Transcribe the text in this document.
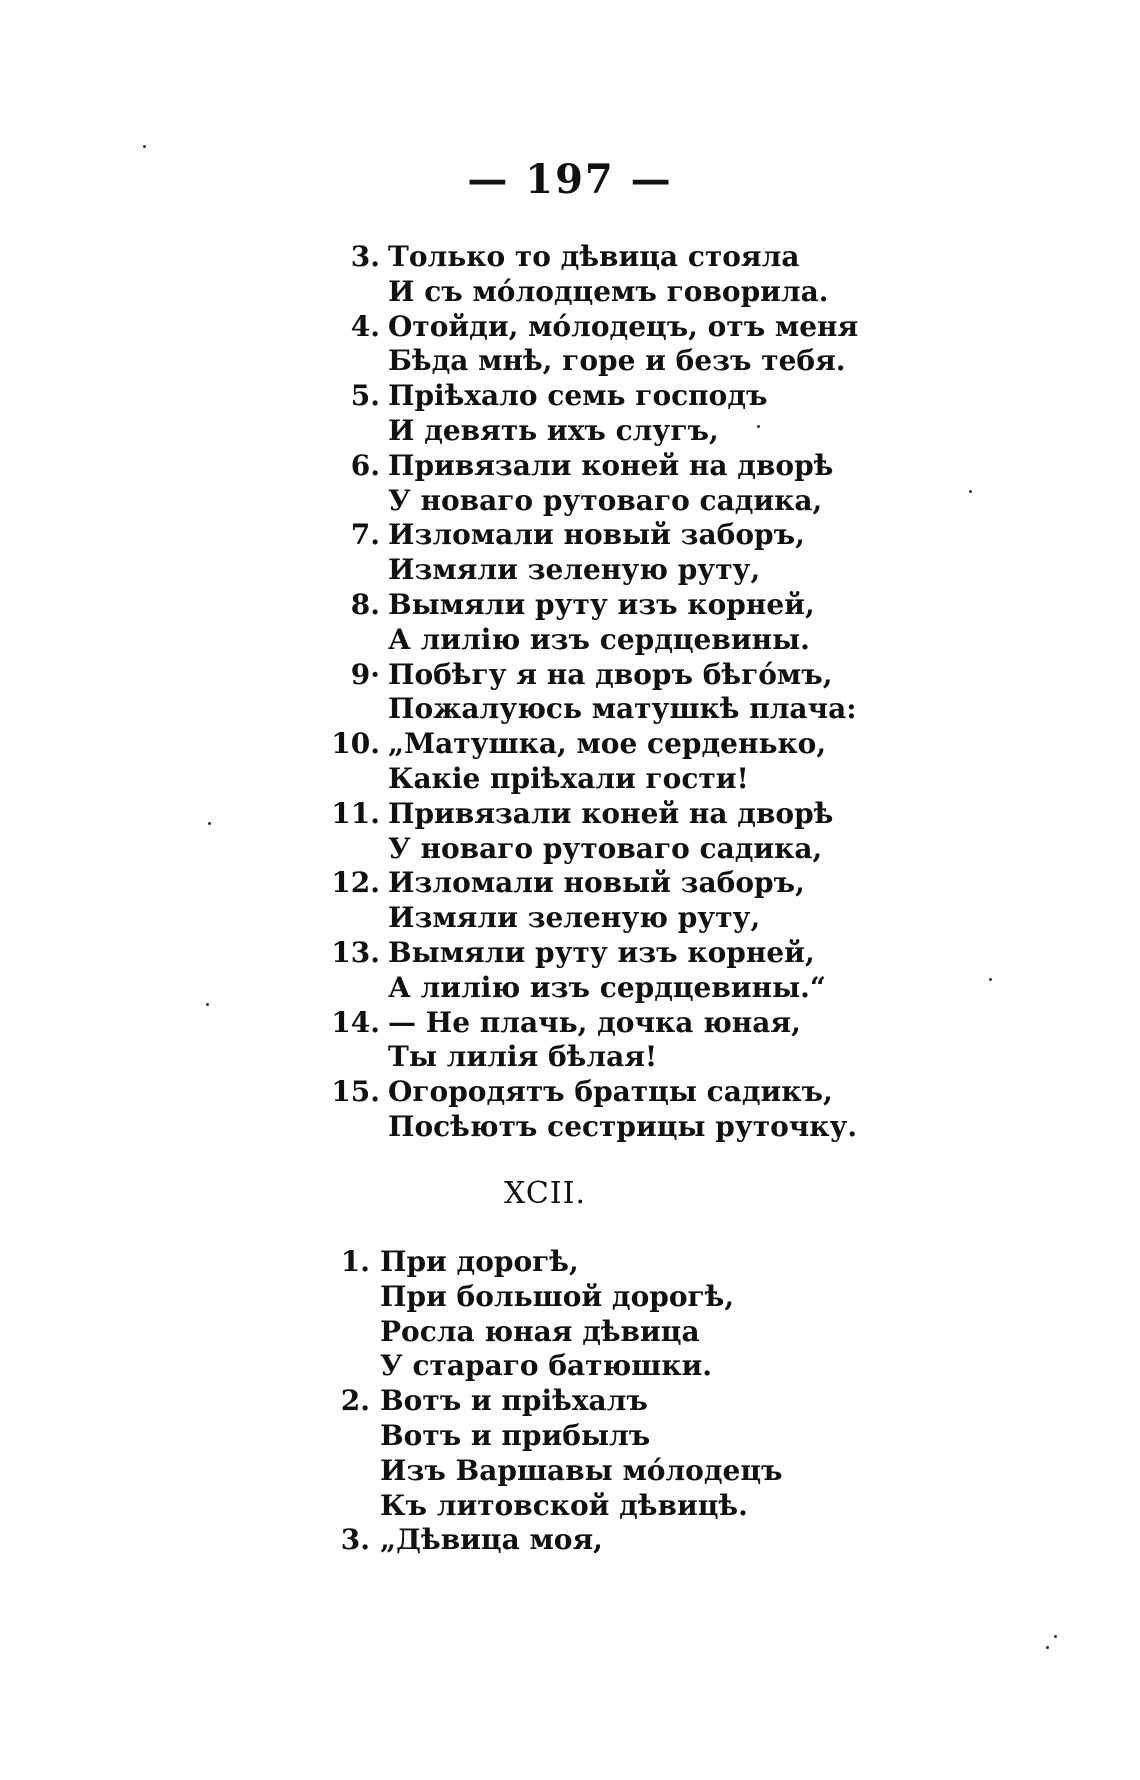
— 197 —
3. Только то дѣвица стояла
И съ мóлодцемъ говорила.
4. Отойди, мóлодецъ, отъ меня
Бѣда мнѣ, горе и безъ тебя.
5. Пріѣхало семь господъ
И девять ихъ слугъ,
6. Привязали коней на дворѣ
У новаго рутоваго садика,
7. Изломали новый заборъ,
Измяли зеленую руту,
8. Вымяли руту изъ корней,
А лилію изъ сердцевины.
9· Побѣгу я на дворъ бѣгóмъ,
Пожалуюсь матушкѣ плача:
10. „Матушка, мое серденько,
Какіе пріѣхали гости!
11. Привязали коней на дворѣ
У новаго рутоваго садика,
12. Изломали новый заборъ,
Измяли зеленую руту,
13. Вымяли руту изъ корней,
А лилію изъ сердцевины.“
14. — Не плачь, дочка юная,
Ты лилія бѣлая!
15. Огородятъ братцы садикъ,
Посѣютъ сестрицы руточку.
XCII.
1. При дорогѣ,
При большой дорогѣ,
Росла юная дѣвица
У стараго батюшки.
2. Вотъ и пріѣхалъ
Вотъ и прибылъ
Изъ Варшавы мóлодецъ
Къ литовской дѣвицѣ.
3. „Дѣвица моя,
